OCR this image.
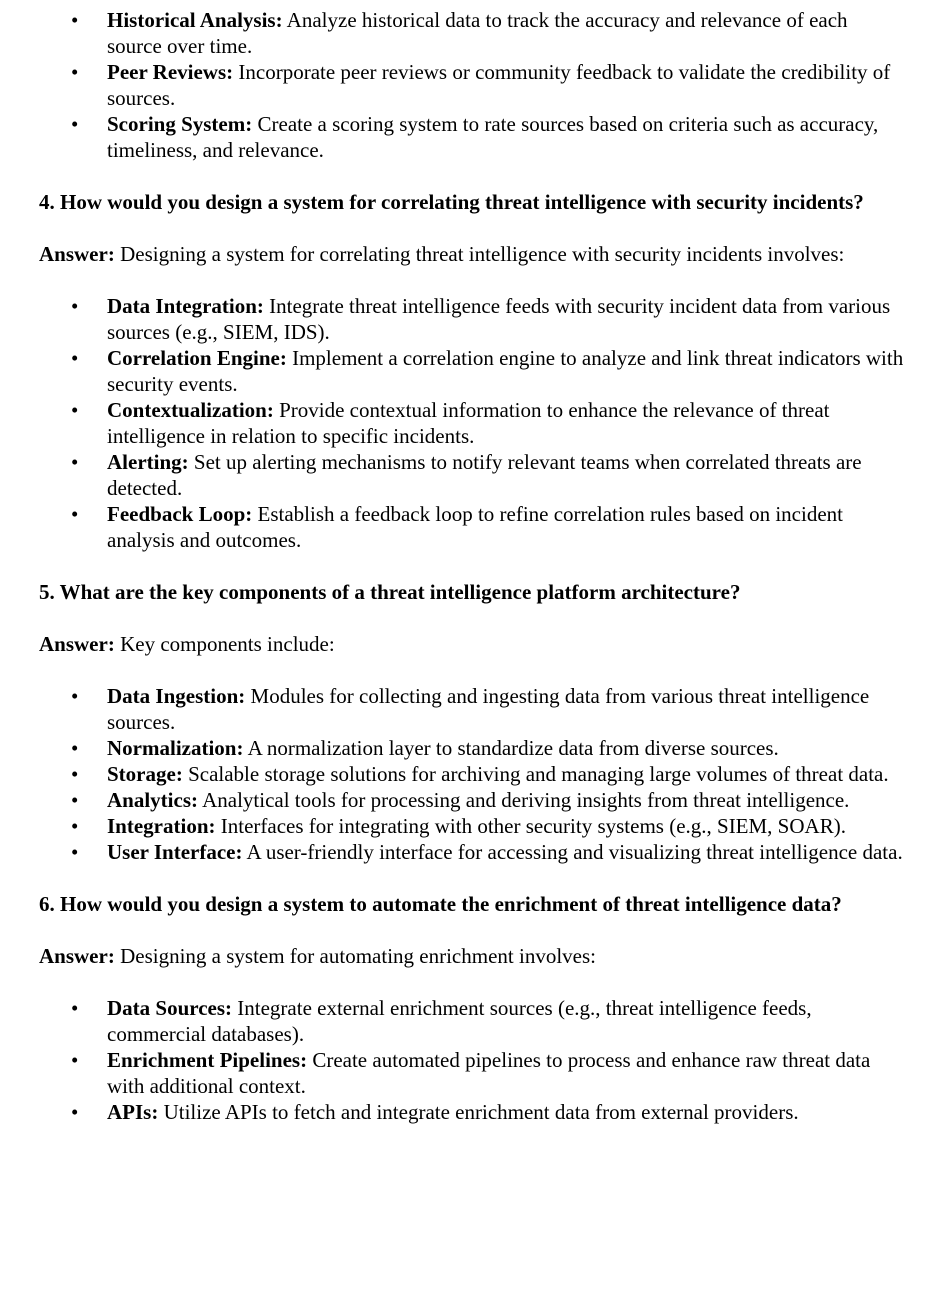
• Historical Analysis: Analyze historical data to track the accuracy and relevance of each source over time.
• Peer Reviews: Incorporate peer reviews or community feedback to validate the credibility of sources.
• Scoring System: Create a scoring system to rate sources based on criteria such as accuracy, timeliness, and relevance.

4. How would you design a system for correlating threat intelligence with security incidents?

Answer: Designing a system for correlating threat intelligence with security incidents involves:

• Data Integration: Integrate threat intelligence feeds with security incident data from various sources (e.g., SIEM, IDS).
• Correlation Engine: Implement a correlation engine to analyze and link threat indicators with security events.
• Contextualization: Provide contextual information to enhance the relevance of threat intelligence in relation to specific incidents.
• Alerting: Set up alerting mechanisms to notify relevant teams when correlated threats are detected.
• Feedback Loop: Establish a feedback loop to refine correlation rules based on incident analysis and outcomes.

5. What are the key components of a threat intelligence platform architecture?

Answer: Key components include:

• Data Ingestion: Modules for collecting and ingesting data from various threat intelligence sources.
• Normalization: A normalization layer to standardize data from diverse sources.
• Storage: Scalable storage solutions for archiving and managing large volumes of threat data.
• Analytics: Analytical tools for processing and deriving insights from threat intelligence.
• Integration: Interfaces for integrating with other security systems (e.g., SIEM, SOAR).
• User Interface: A user-friendly interface for accessing and visualizing threat intelligence data.

6. How would you design a system to automate the enrichment of threat intelligence data?

Answer: Designing a system for automating enrichment involves:

• Data Sources: Integrate external enrichment sources (e.g., threat intelligence feeds, commercial databases).
• Enrichment Pipelines: Create automated pipelines to process and enhance raw threat data with additional context.
• APIs: Utilize APIs to fetch and integrate enrichment data from external providers.
